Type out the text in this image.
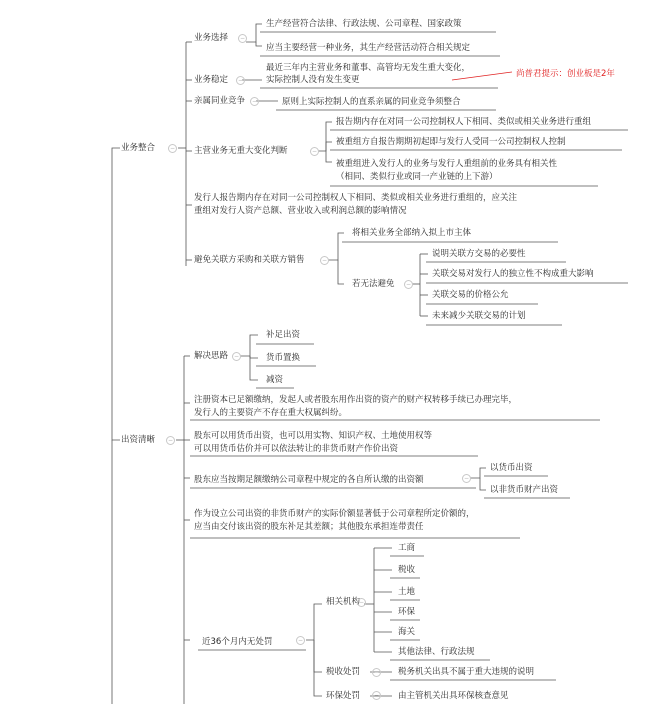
业务整合	−
业务选择	−
生产经营符合法律、行政法规、公司章程、国家政策
应当主要经营一种业务，其生产经营活动符合相关规定
业务稳定	−
最近三年内主营业务和董事、高管均无发生重大变化，
实际控制人没有发生变更
尚普君提示：创业板是2年
亲属同业竞争	−	原则上实际控制人的直系亲属的同业竞争须整合
主营业务无重大变化判断	−
报告期内存在对同一公司控制权人下相同、类似或相关业务进行重组
被重组方自报告期期初起即与发行人受同一公司控制权人控制
被重组进入发行人的业务与发行人重组前的业务具有相关性
（相同、类似行业或同一产业链的上下游）
发行人报告期内存在对同一公司控制权人下相同、类似或相关业务进行重组的，应关注
重组对发行人资产总额、营业收入或利润总额的影响情况
避免关联方采购和关联方销售	−
将相关业务全部纳入拟上市主体
若无法避免	−
说明关联方交易的必要性
关联交易对发行人的独立性不构成重大影响
关联交易的价格公允
未来减少关联交易的计划
出资清晰	−
解决思路 −
补足出资
货币置换
减资
注册资本已足额缴纳，发起人或者股东用作出资的资产的财产权转移手续已办理完毕，
发行人的主要资产不存在重大权属纠纷。
股东可以用货币出资，也可以用实物、知识产权、土地使用权等
可以用货币估价并可以依法转让的非货币财产作价出资
股东应当按期足额缴纳公司章程中规定的各自所认缴的出资额	−
以货币出资
以非货币财产出资
作为设立公司出资的非货币财产的实际价额显著低于公司章程所定价额的，
应当由交付该出资的股东补足其差额；其他股东承担连带责任
近36个月内无处罚	−
相关机构
−
工商
税收
土地
环保
海关
其他法律、行政法规
税收处罚	− 税务机关出具不属于重大违规的说明
环保处罚	− 由主管机关出具环保核查意见
